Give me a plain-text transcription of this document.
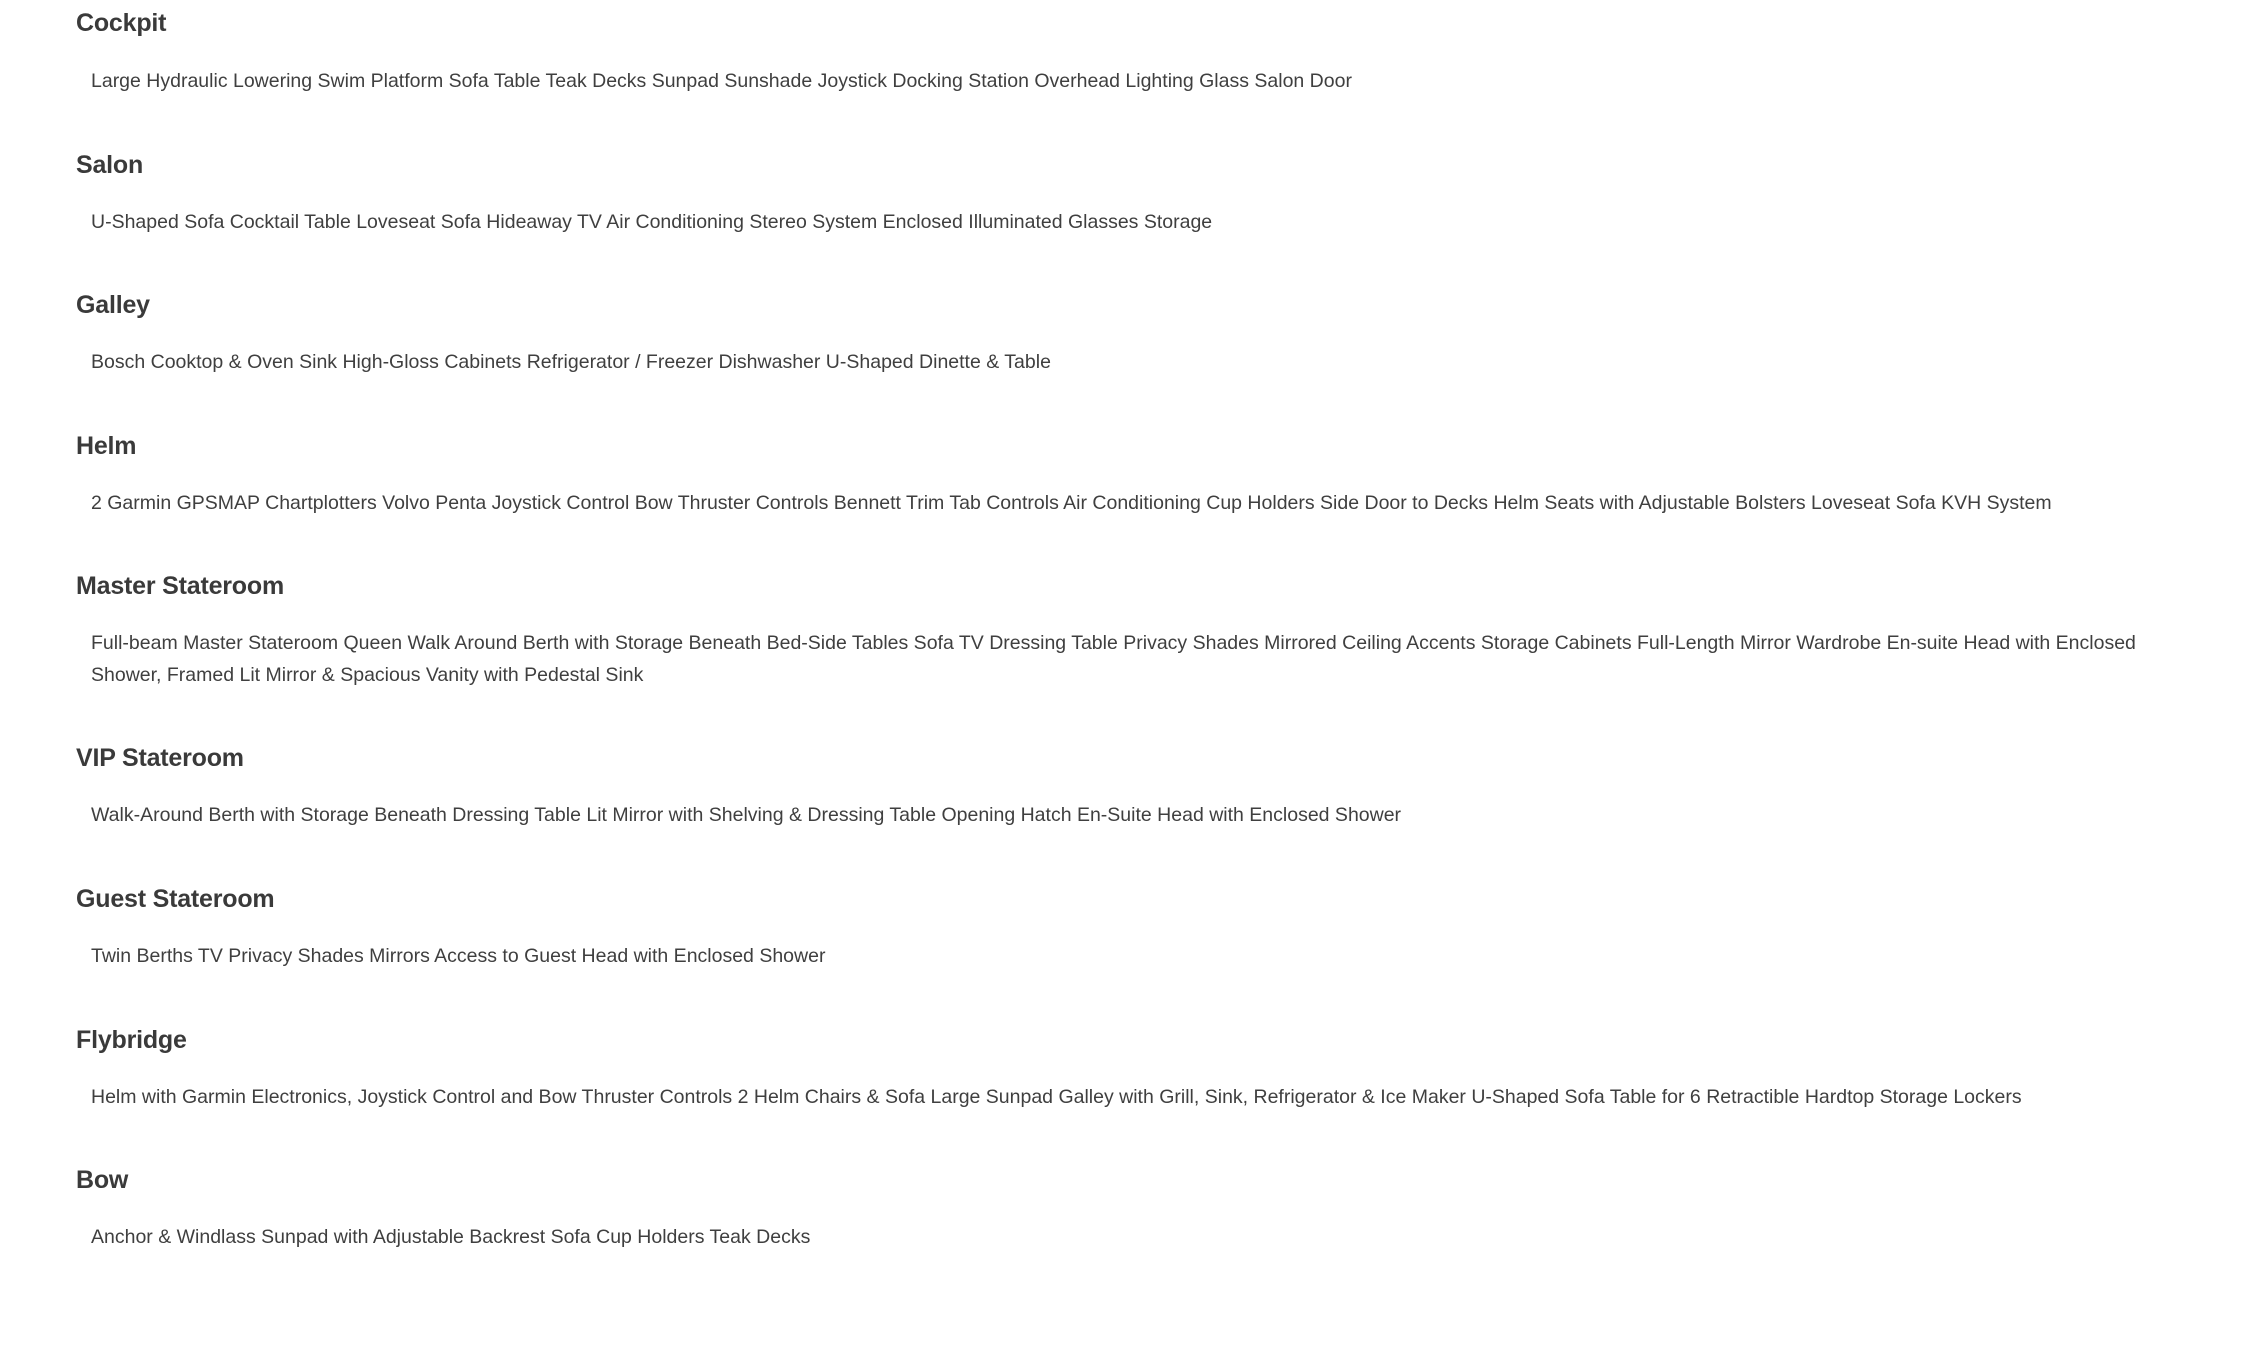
Cockpit

Large Hydraulic Lowering Swim Platform Sofa Table Teak Decks Sunpad Sunshade Joystick Docking Station Overhead Lighting Glass Salon Door

Salon

U-Shaped Sofa Cocktail Table Loveseat Sofa Hideaway TV Air Conditioning Stereo System Enclosed Illuminated Glasses Storage

Galley

Bosch Cooktop & Oven Sink High-Gloss Cabinets Refrigerator / Freezer Dishwasher U-Shaped Dinette & Table

Helm

2 Garmin GPSMAP Chartplotters Volvo Penta Joystick Control Bow Thruster Controls Bennett Trim Tab Controls Air Conditioning Cup Holders Side Door to Decks Helm Seats with Adjustable Bolsters Loveseat Sofa KVH System

Master Stateroom

Full-beam Master Stateroom Queen Walk Around Berth with Storage Beneath Bed-Side Tables Sofa TV Dressing Table Privacy Shades Mirrored Ceiling Accents Storage Cabinets Full-Length Mirror Wardrobe En-suite Head with Enclosed Shower, Framed Lit Mirror & Spacious Vanity with Pedestal Sink

VIP Stateroom

Walk-Around Berth with Storage Beneath Dressing Table Lit Mirror with Shelving & Dressing Table Opening Hatch En-Suite Head with Enclosed Shower

Guest Stateroom

Twin Berths TV Privacy Shades Mirrors Access to Guest Head with Enclosed Shower

Flybridge

Helm with Garmin Electronics, Joystick Control and Bow Thruster Controls 2 Helm Chairs & Sofa Large Sunpad Galley with Grill, Sink, Refrigerator & Ice Maker U-Shaped Sofa Table for 6 Retractible Hardtop Storage Lockers

Bow

Anchor & Windlass Sunpad with Adjustable Backrest Sofa Cup Holders Teak Decks
